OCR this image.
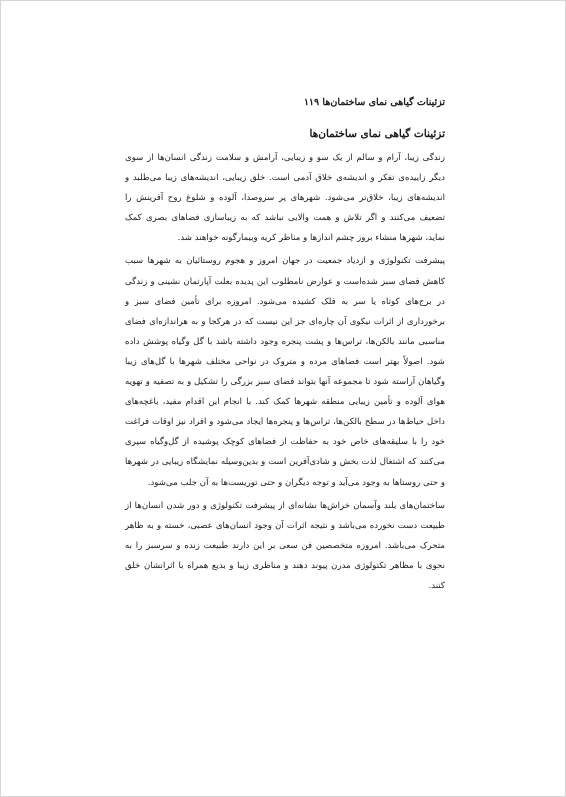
تزئینات گیاهی نمای ساختمان‌ها ۱۱۹
تزئینات گیاهی نمای ساختمان‌ها

زندگی زیبا، آرام و سالم از یک سو و زیبایی، آرامش و سلامت زندگی انسان‌ها از سوی دیگر زاییده‌ی تفکر و اندیشه‌ی خلاق آدمی است. خلق زیبایی، اندیشه‌های زیبا می‌طلبد و اندیشه‌های زیبا، خلاق‌تر می‌شود. شهرهای پر سروصدا، آلوده و شلوغ روح آفرینش را تضعیف می‌کنند و اگر تلاش و همت والایی نباشد که به زیباسازی فضاهای بصری کمک نماید، شهرها منشاء بروز چشم اندازها و مناظر کریه وبیمارگونه خواهند شد.

پیشرفت تکنولوژی و ازدیاد جمعیت در جهان امروز و هجوم روستائیان به شهرها سبب کاهش فضای سبز شده‌است و عوارض نامطلوب این پدیده بعلت آپارتمان نشینی و زندگی در برج‌های کوتاه یا سر به فلک کشیده می‌شود. امروزه برای تأمین فضای سبز و برخورداری از اثرات نیکوی آن چاره‌ای جز این نیست که در هرکجا و به هراندازه‌ای فضای مناسبی مانند بالکن‌ها، تراس‌ها و پشت پنجره وجود داشته باشد با گل وگیاه پوشش داده شود. اصولاً بهتر است فضاهای مرده و متروک در نواحی مختلف شهرها با گل‌های زیبا وگیاهان آراسته شود تا مجموعه آنها بتواند فضای سبز بزرگی را تشکیل و به تصفیه و تهویه هوای آلوده و تأمین زیبایی منطقه شهرها کمک کند. با انجام این اقدام مفید، باغچه‌های داخل حیاط‌ها در سطح بالکن‌ها، تراس‌ها و پنجره‌ها ایجاد می‌شود و افراد نیز اوقات فراغت خود را با سلیقه‌های خاص خود به حفاظت از فضاهای کوچک پوشیده از گل‌وگیاه سپری می‌کنند که اشتغال لذت بخش و شادی‌آفرین است و بدین‌وسیله نمایشگاه زیبایی در شهرها و حتی روستاها به وجود می‌آید و توجه دیگران و حتی توریست‌ها به آن جلب می‌شود.

ساختمان‌های بلند وآسمان خراش‌ها نشانه‌ای از پیشرفت تکنولوژی و دور شدن انسان‌ها از طبیعت دست نخورده می‌باشد و نتیجه اثرات آن وجود انسان‌های عصبی، خسته و به ظاهر متحرک می‌باشد. امروزه متخصصین فن سعی بر این دارند طبیعت زنده و سرسبز را به نحوی با مظاهر تکنولوژی مدرن پیوند دهند و مناظری زیبا و بدیع همراه با اثرانشان خلق کنند.
